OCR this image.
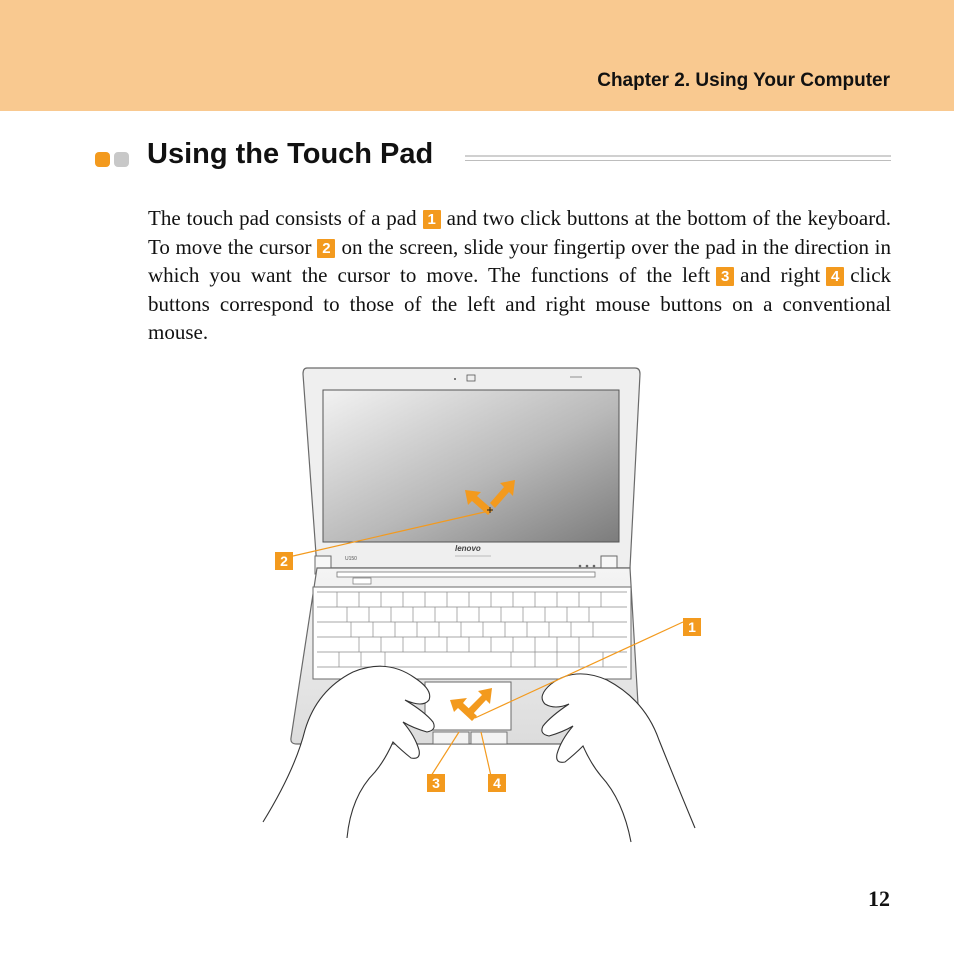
Chapter 2. Using Your Computer
Using the Touch Pad
The touch pad consists of a pad 1 and two click buttons at the bottom of the keyboard. To move the cursor 2 on the screen, slide your fingertip over the pad in the direction in which you want the cursor to move. The functions of the left 3 and right 4 click buttons correspond to those of the left and right mouse buttons on a conventional mouse.
lenovo
U150
2
1
3	4
12
